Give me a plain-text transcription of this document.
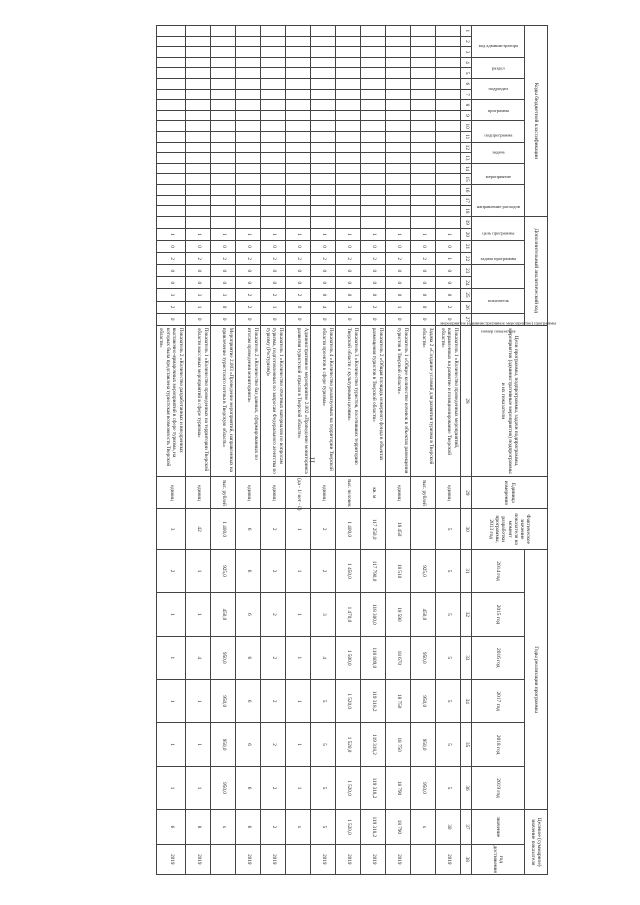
11
Коды бюджетной классификации																		Дополнительный аналитический код									Цели программы, подпрограммы, задачи подпрограммы, мероприятия (административные мероприятия) подпрограммы и их показатели	Единица измерения	Фактическое значение показателя на момент разработки программы, 2013 год	Годы реализации программы						Целевое (суммарное) значение показателя	
код администратора			раздел		подраздел		программа		подпрограмма		задача		мероприятие		направление расходов			цель программы		задача программы		мероприятие (административное мероприятие) программы		показатель		номер показателя				2014 год	2015 год	2016 год	2017 год	2018 год	2019 год	значение	год достижения
1	2	3	4	5	6	7	8	9	10	11	12	13	14	15	16	17	18	19	20	21	22	23	24	25	26	27	28	29	30	31	32	33	34	35	36	37	38
																			1	0	1	0	0	0	2	0	Показатель 1 «Количество проведенных мероприятий, направленных на развитие и позиционирование Тверской области»	единиц	5	5	5	5	5	5	5	30	2019
																			1	0	2	0	0	0	0	0	Задача 2 «Создание условий для развития туризма в Тверской области»	тыс. рублей		925,0	450,0	950,0	950,0	950,0	950,0	х	
																			1	0	2	0	0	0	1	0	Показатель 1 «Общее количество ночевок в объектах размещения туристов в Тверской области»	единиц	18 450	18 510	18 590	18 670	18 750	18 750	18 790	18 790	2019
																			1	0	2	0	0	0	2	0	Показатель 2 «Общая площадь номерного фонда в объектах размещения туристов в Тверской области»	кв. м	117 250,0	117 790,0	118 300,0	118 809,0	119 318,2	119 318,2	119 318,2	119 318,2	2019
																			1	0	2	0	0	0	3	0	Показатель 3 «Количество туристов, посетивших территорию Тверской области с культурными целями»	тыс. человек	1 400,0	1 450,0	1 470,0	1 500,0	1 520,0	1 520,0	1 520,0	1 520,0	2019
																			1	0	2	0	0	0	4	0	Показатель 4 «Количество реализуемых на территории Тверской области проектов в сфере туризма»	единиц	2	2	3	4	5	5	5	5	2019
																			1	0	2	0	0	2	0	0	Административное мероприятие 2.002 «Проведение мониторинга развития туристской отрасли в Тверской области»	(да - 1/ нет - 0)	1	1	1	1	1	1	1	х	
																			1	0	2	0	0	2	1	0	Показатель 1 «Количество отчетных материалов по вопросам туризма, подготовленных по запросам Федерального агентства по туризму (Ростуризм)»	единиц	2	2	2	2	2	2	2	2	2019
																			1	0	2	0	0	2	2	0	Показатель 2 «Количество баз данных, сформированных по итогам проведения мониторинга»	единиц	6	6	6	6	6	6	6	6	2019
																			1	0	2	0	0	3	0	0	Мероприятие 2.003 «Проведение мероприятий, направленных на привлечение туристского потока в Тверскую область»	тыс. рублей	1 400,0	925,0	450,0	950,0	950,0	950,0	950,0	х	
																			1	0	2	0	0	3	1	0	Показатель 1 «Количество проведенных на территории Тверской области массовых мероприятий в сфере туризма»	единиц	42	1	1	4	1	1	1	8	2019
																			1	0	2	0	0	3	2	0	Показатель 2 «Количество разработанных и внедренных выставочно-ярмарочных мероприятий в сфере туризма, на которых была представлена туристская возможность Тверской области»	единиц	3	2	1	1	1	1	1	6	2019
